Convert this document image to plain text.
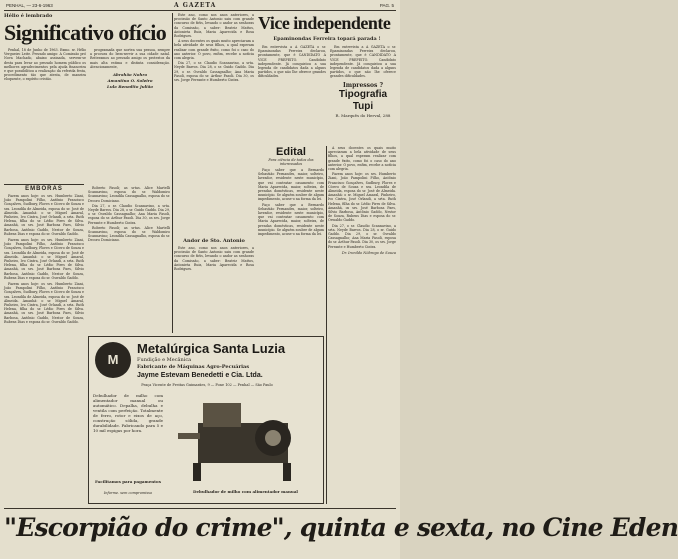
PENHAL, — 23-6-1963	A GAZETA	PAG. 5
Hélio é lembrado
Significativo ofício

Penhal, 18 de Junho de 1963. Exmo. sr. Hélio Vergueiro Leite. Prezado amigo: A Comissão pró Nova Machado, abaixo assinada, servem-se desta para levar ao prezado homem público os melhores agradecimentos pela ajuda financeira e que possibilitou a realização da referida festa, procedimento tão que atesta, de maneira eloquente, o espírito cristão.

programada que nortea sua pessoa, sempre a procura do bem-servir a sua cidade natal. Reiteramos ao prezado amigo os protestos da mais alta estima e distinta consideração. Atenciosamente,

Abrahão Nohra
Amantino O. Soleiro
Lula Benedito Julião
EMBORAS

Fazem anos hoje: os srs. Humberto Ziani, João Pampolini Filho, Antônio Francisco Gonçalves, Sudbury, Flores e Cícero de Souza e sra. Leondila de Almeida, esposa do sr. José de Almeida. Amanhã: o sr. Miguel Amaral, Pinheiro, Ivo Cintra, José Orlandi, a srta. Ruth Helena, filha do sr. Lédio Pires de Silva. Amanhã, os srs. José Barbosa Paes, Silvio Barbosa, Antônio Gaddo, Nestor de Souza, Rubens Dias e esposa do sr. Oswaldo Gaddo.

Fazem anos hoje: os srs. Humberto Ziani, João Pampolini Filho, Antônio Francisco Gonçalves, Sudbury, Flores e Cícero de Souza e sra. Leondila de Almeida, esposa do sr. José de Almeida. Amanhã: o sr. Miguel Amaral, Pinheiro, Ivo Cintra, José Orlandi, a srta. Ruth Helena, filha do sr. Lédio Pires de Silva. Amanhã, os srs. José Barbosa Paes, Silvio Barbosa, Antônio Gaddo, Nestor de Souza, Rubens Dias e esposa do sr. Oswaldo Gaddo.

Fazem anos hoje: os srs. Humberto Ziani, João Pampolini Filho, Antônio Francisco Gonçalves, Sudbury, Flores e Cícero de Souza e sra. Leondila de Almeida, esposa do sr. José de Almeida. Amanhã: o sr. Miguel Amaral, Pinheiro, Ivo Cintra, José Orlandi, a srta. Ruth Helena, filha do sr. Lédio Pires de Silva. Amanhã, os srs. José Barbosa Paes, Silvio Barbosa, Antônio Gaddo, Nestor de Souza, Rubens Dias e esposa do sr. Oswaldo Gaddo.

Roberto Fasoli; as srtas. Alice Martelli Scannavino, esposa do sr. Waldomiro Scannavino; Leondila Cassagnalho, esposa do sr. Decoro Domiciano.

Dia 27, o sr. Claudio Scannavino, a srta. Neyde Barros. Dia 28, o sr. Guido Gaddo. Dia 29, o sr. Osvaldo Cassagnalho; Ana Maria Fasoli, esposa do sr. Arthur Fasoli. Dia 30, os srs. Jorge Ferrante e Humberto Cintra.

Roberto Fasoli; as srtas. Alice Martelli Scannavino, esposa do sr. Waldomiro Scannavino; Leondila Cassagnalho, esposa do sr. Decoro Domiciano.

Este ano, como nos anos anteriores, a procissão de Santo Antonio saiu com grande concurso de fiéis, levando o andor as senhoras da Comissão, a saber: Beatriz Mattos, Antonieta Ruiz, Maria Aparecida e Rosa Rodrigues.

A seus docentes os quais muito apreciaram a bela atividade de seus filhos, a qual esperam realizar com grande êxito, como foi o caso do ano anterior. O povo, enfim, recebe a notícia com alegria.

Dia 27, o sr. Claudio Scannavino, a srta. Neyde Barros. Dia 28, o sr. Guido Gaddo. Dia 29, o sr. Osvaldo Cassagnalho; Ana Maria Fasoli, esposa do sr. Arthur Fasoli. Dia 30, os srs. Jorge Ferrante e Humberto Cintra.

Andor de Sto. Antonio

Este ano, como nos anos anteriores, a procissão de Santo Antonio saiu com grande concurso de fiéis, levando o andor as senhoras da Comissão, a saber: Beatriz Mattos, Antonieta Ruiz, Maria Aparecida e Rosa Rodrigues.

Vice independente
Epaminondas Ferreira topará parada !

Em entrevista a A GAZETA o sr. Epaminondas Ferreira declarou, prontamente, que é CANDIDATO A VICE PREFEITO. Candidato independente. Já conquistou a sua legenda de candidatos dada a alguns partidos, o que não lhe oferece grandes dificuldades.

Em entrevista a A GAZETA o sr. Epaminondas Ferreira declarou, prontamente, que é CANDIDATO A VICE PREFEITO. Candidato independente. Já conquistou a sua legenda de candidatos dada a alguns partidos, o que não lhe oferece grandes dificuldades.

Impressos ?
Tipografia Tupi
R. Marquês do Herval, 288
Edital
Para ciência de todos dos interessados

Faço saber que a Bernardo Sebastião Fernandes, maior, solteiro, lavrador, residente neste município, que vai contratar casamento com Maria Aparecida, maior, solteira, de prendas domésticas, residente neste município. Se alguém souber de algum impedimento, acuse-o na forma da lei.

Faço saber que a Bernardo Sebastião Fernandes, maior, solteiro, lavrador, residente neste município, que vai contratar casamento com Maria Aparecida, maior, solteira, de prendas domésticas, residente neste município. Se alguém souber de algum impedimento, acuse-o na forma da lei.

A seus docentes os quais muito apreciaram a bela atividade de seus filhos, a qual esperam realizar com grande êxito, como foi o caso do ano anterior. O povo, enfim, recebe a notícia com alegria.

Fazem anos hoje: os srs. Humberto Ziani, João Pampolini Filho, Antônio Francisco Gonçalves, Sudbury, Flores e Cícero de Souza e sra. Leondila de Almeida, esposa do sr. José de Almeida. Amanhã: o sr. Miguel Amaral, Pinheiro, Ivo Cintra, José Orlandi, a srta. Ruth Helena, filha do sr. Lédio Pires de Silva. Amanhã, os srs. José Barbosa Paes, Silvio Barbosa, Antônio Gaddo, Nestor de Souza, Rubens Dias e esposa do sr. Oswaldo Gaddo.

Dia 27, o sr. Claudio Scannavino, a srta. Neyde Barros. Dia 28, o sr. Guido Gaddo. Dia 29, o sr. Osvaldo Cassagnalho; Ana Maria Fasoli, esposa do sr. Arthur Fasoli. Dia 30, os srs. Jorge Ferrante e Humberto Cintra.

Dr. Ironildo Nóbrega de Souza
M
Metalúrgica Santa Luzia
Fundição e Mecânica
Fabricante de Máquinas Agro-Pecuárias
Jayme Estevam Benedetti e Cia. Ltda.
Praça Vicente de Freitas Guimarães, 9 — Fone 102 — Penhal — São Paulo
Debulhador de milho com alimentador manual ou automático. Depalha, debulha e ventila com perfeição. Totalmente de ferro, rotor e eixos de aço, construção sólida, grande durabilidade. Fabricando para 5 e 10 mil espigas por hora.
Facilitamos para pagamentos
Informe. sem compromisso	Debulhador de milho com alimentador manual
"Escorpião do crime", quinta e sexta, no Cine Eden
